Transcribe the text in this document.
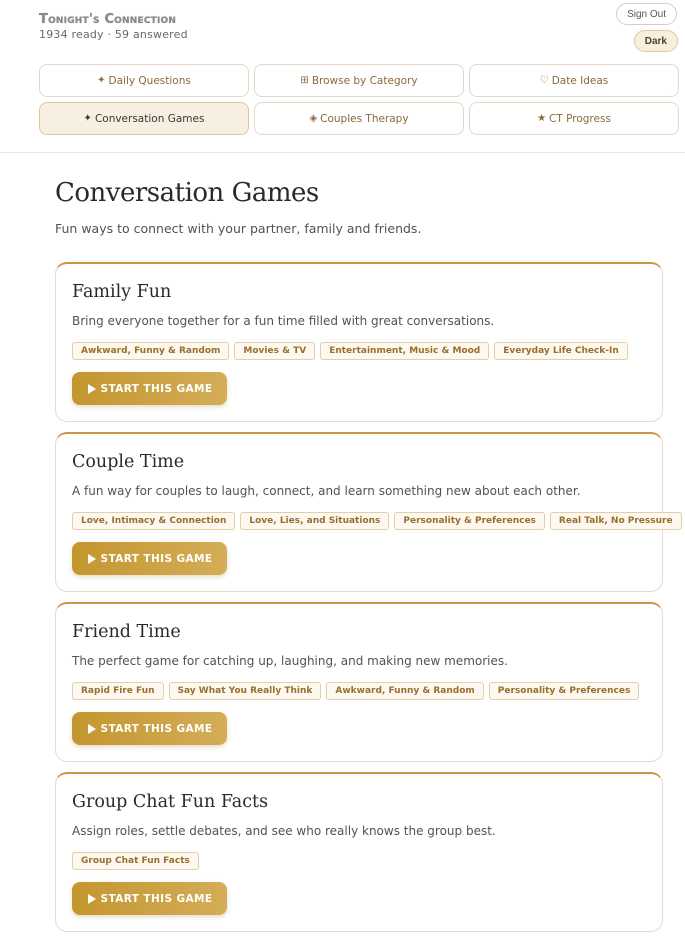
Tonight's Connection
1934 ready · 59 answered
Sign Out
Dark
✦ Daily Questions	⊞ Browse by Category	♡ Date Ideas
✦ Conversation Games	◈ Couples Therapy	★ CT Progress
Conversation Games
Fun ways to connect with your partner, family and friends.
Family Fun
Bring everyone together for a fun time filled with great conversations.
Awkward, Funny & Random	Movies & TV	Entertainment, Music & Mood	Everyday Life Check-In
START THIS GAME
Couple Time
A fun way for couples to laugh, connect, and learn something new about each other.
Love, Intimacy & Connection	Love, Lies, and Situations	Personality & Preferences	Real Talk, No Pressure
START THIS GAME
Friend Time
The perfect game for catching up, laughing, and making new memories.
Rapid Fire Fun	Say What You Really Think	Awkward, Funny & Random	Personality & Preferences
START THIS GAME
Group Chat Fun Facts
Assign roles, settle debates, and see who really knows the group best.
Group Chat Fun Facts
START THIS GAME
